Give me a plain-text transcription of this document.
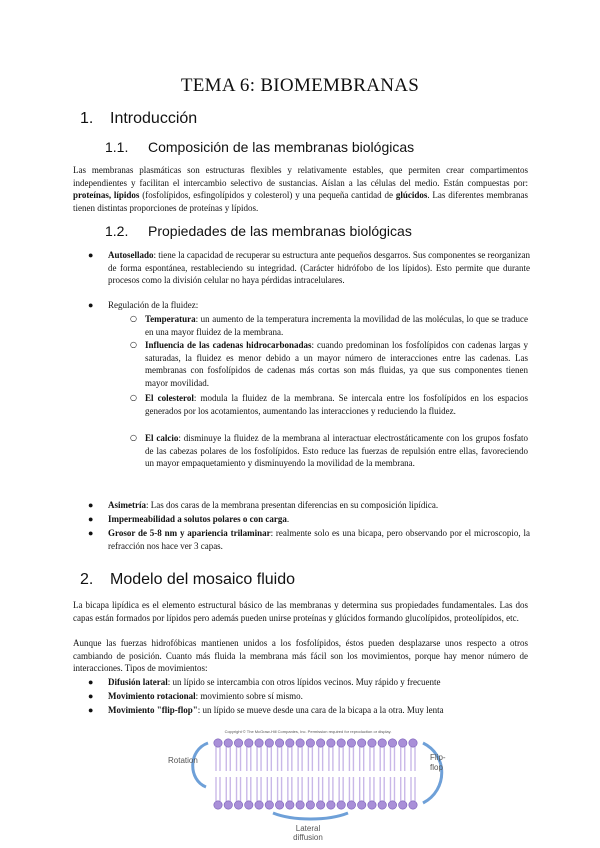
TEMA 6: BIOMEMBRANAS
1. Introducción
1.1. Composición de las membranas biológicas
Las membranas plasmáticas son estructuras flexibles y relativamente estables, que permiten crear compartimentos independientes y facilitan el intercambio selectivo de sustancias. Aíslan a las células del medio. Están compuestas por: proteínas, lípidos (fosfolípidos, esfingolípidos y colesterol) y una pequeña cantidad de glúcidos. Las diferentes membranas tienen distintas proporciones de proteínas y lípidos.
1.2. Propiedades de las membranas biológicas
● Autosellado: tiene la capacidad de recuperar su estructura ante pequeños desgarros. Sus componentes se reorganizan de forma espontánea, restableciendo su integridad. (Carácter hidrófobo de los lípidos). Esto permite que durante procesos como la división celular no haya pérdidas intracelulares.
● Regulación de la fluidez:
○ Temperatura: un aumento de la temperatura incrementa la movilidad de las moléculas, lo que se traduce en una mayor fluidez de la membrana.
○ Influencia de las cadenas hidrocarbonadas: cuando predominan los fosfolípidos con cadenas largas y saturadas, la fluidez es menor debido a un mayor número de interacciones entre las cadenas. Las membranas con fosfolípidos de cadenas más cortas son más fluidas, ya que sus componentes tienen mayor movilidad.
○ El colesterol: modula la fluidez de la membrana. Se intercala entre los fosfolípidos en los espacios generados por los acotamientos, aumentando las interacciones y reduciendo la fluidez.
○ El calcio: disminuye la fluidez de la membrana al interactuar electrostáticamente con los grupos fosfato de las cabezas polares de los fosfolípidos. Esto reduce las fuerzas de repulsión entre ellas, favoreciendo un mayor empaquetamiento y disminuyendo la movilidad de la membrana.
● Asimetría: Las dos caras de la membrana presentan diferencias en su composición lipídica.
● Impermeabilidad a solutos polares o con carga.
● Grosor de 5-8 nm y apariencia trilaminar: realmente solo es una bicapa, pero observando por el microscopio, la refracción nos hace ver 3 capas.
2. Modelo del mosaico fluido
La bicapa lipídica es el elemento estructural básico de las membranas y determina sus propiedades fundamentales. Las dos capas están formados por lípidos pero además pueden unirse proteínas y glúcidos formando glucolípidos, proteolípidos, etc.
Aunque las fuerzas hidrofóbicas mantienen unidos a los fosfolípidos, éstos pueden desplazarse unos respecto a otros cambiando de posición. Cuanto más fluida la membrana más fácil son los movimientos, porque hay menor número de interacciones. Tipos de movimientos:
● Difusión lateral: un lípido se intercambia con otros lípidos vecinos. Muy rápido y frecuente
● Movimiento rotacional: movimiento sobre sí mismo.
● Movimiento "flip-flop": un lípido se mueve desde una cara de la bicapa a la otra. Muy lenta
Copyright © The McGraw-Hill Companies, Inc. Permission required for reproduction or display.
Rotation	Flip-
flop
Lateral
diffusion
